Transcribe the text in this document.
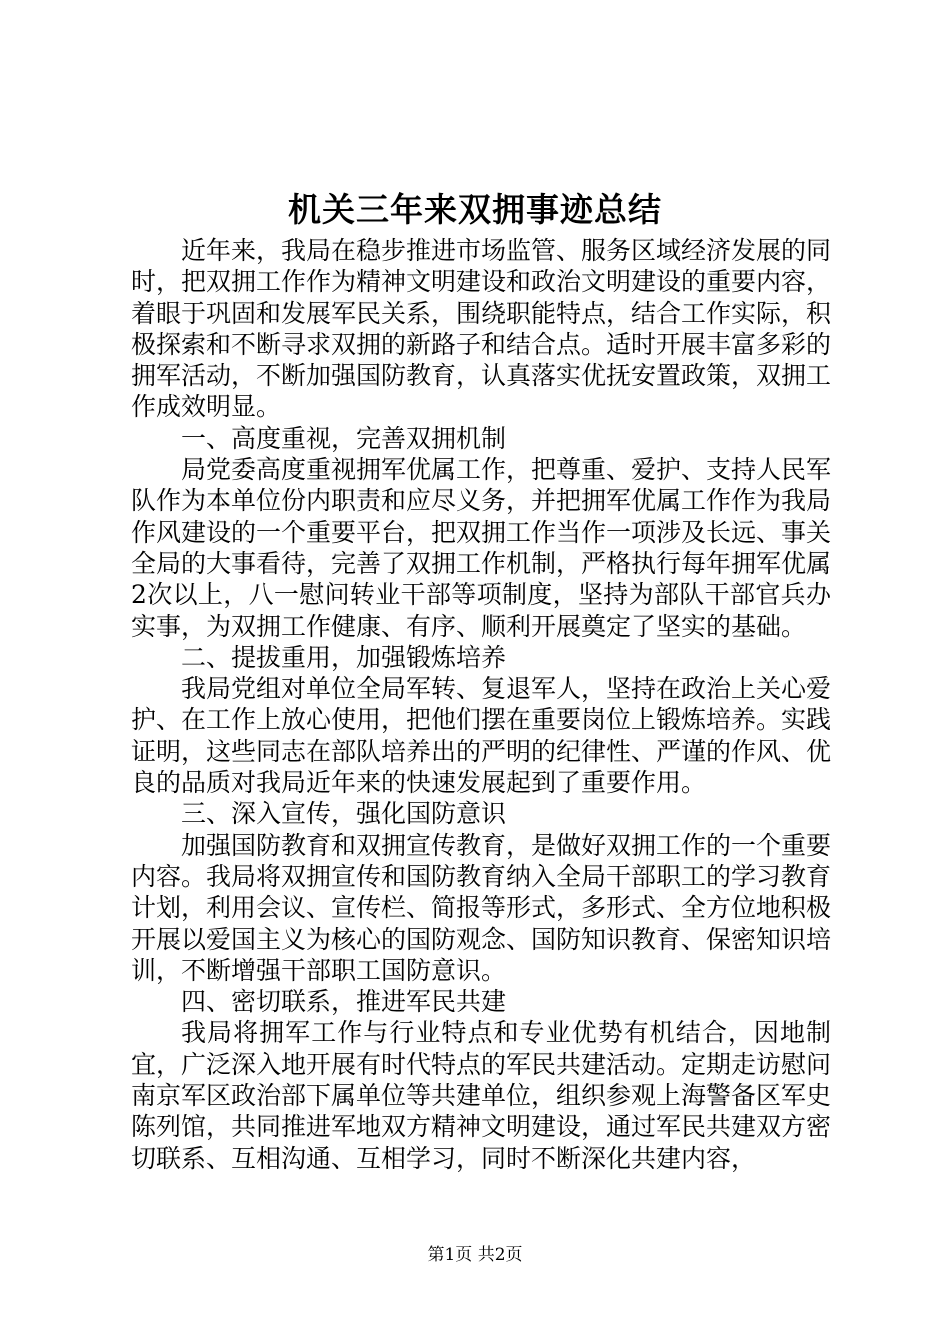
机关三年来双拥事迹总结

近年来，我局在稳步推进市场监管、服务区域经济发展的同时，把双拥工作作为精神文明建设和政治文明建设的重要内容，着眼于巩固和发展军民关系，围绕职能特点，结合工作实际，积极探索和不断寻求双拥的新路子和结合点。适时开展丰富多彩的拥军活动，不断加强国防教育，认真落实优抚安置政策，双拥工作成效明显。

一、高度重视，完善双拥机制

局党委高度重视拥军优属工作，把尊重、爱护、支持人民军队作为本单位份内职责和应尽义务，并把拥军优属工作作为我局作风建设的一个重要平台，把双拥工作当作一项涉及长远、事关全局的大事看待，完善了双拥工作机制，严格执行每年拥军优属2次以上，八一慰问转业干部等项制度，坚持为部队干部官兵办实事，为双拥工作健康、有序、顺利开展奠定了坚实的基础。

二、提拔重用，加强锻炼培养

我局党组对单位全局军转、复退军人，坚持在政治上关心爱护、在工作上放心使用，把他们摆在重要岗位上锻炼培养。实践证明，这些同志在部队培养出的严明的纪律性、严谨的作风、优良的品质对我局近年来的快速发展起到了重要作用。

三、深入宣传，强化国防意识

加强国防教育和双拥宣传教育，是做好双拥工作的一个重要内容。我局将双拥宣传和国防教育纳入全局干部职工的学习教育计划，利用会议、宣传栏、简报等形式，多形式、全方位地积极开展以爱国主义为核心的国防观念、国防知识教育、保密知识培训，不断增强干部职工国防意识。

四、密切联系，推进军民共建

我局将拥军工作与行业特点和专业优势有机结合，因地制宜，广泛深入地开展有时代特点的军民共建活动。定期走访慰问南京军区政治部下属单位等共建单位，组织参观上海警备区军史陈列馆，共同推进军地双方精神文明建设，通过军民共建双方密切联系、互相沟通、互相学习，同时不断深化共建内容，

第1页 共2页
